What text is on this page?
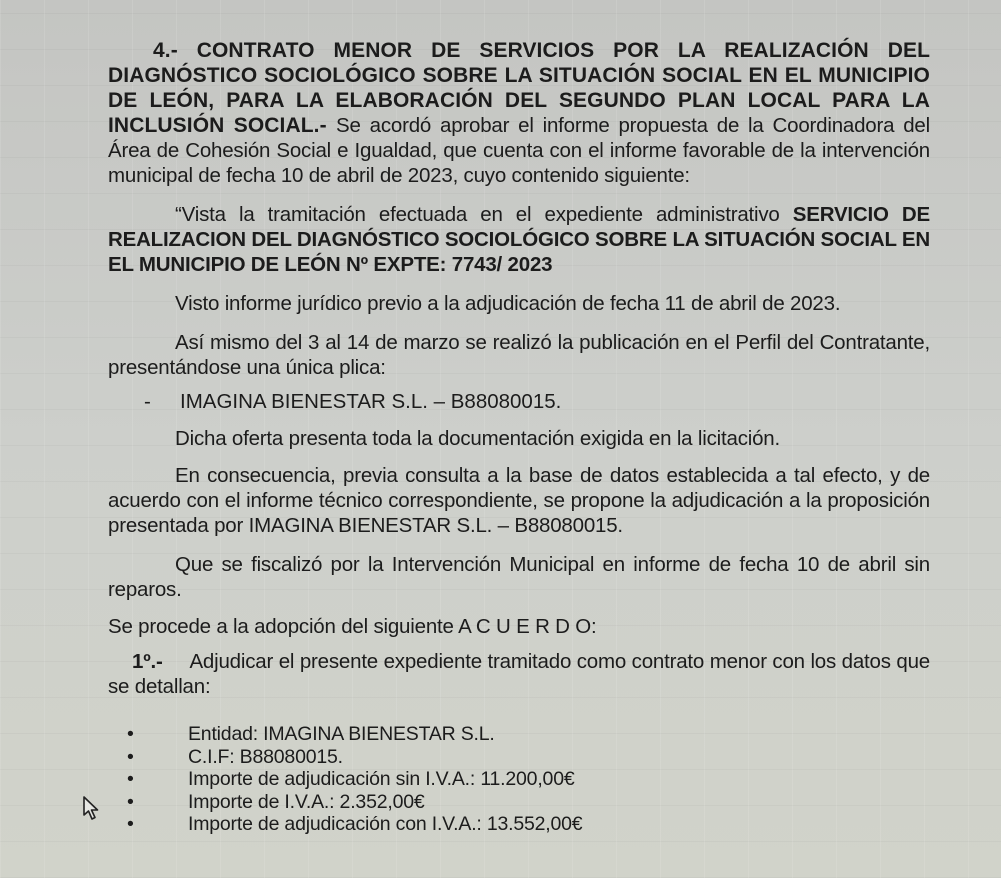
4.- CONTRATO MENOR DE SERVICIOS POR LA REALIZACIÓN DEL DIAGNÓSTICO SOCIOLÓGICO SOBRE LA SITUACIÓN SOCIAL EN EL MUNICIPIO DE LEÓN, PARA LA ELABORACIÓN DEL SEGUNDO PLAN LOCAL PARA LA INCLUSIÓN SOCIAL.- Se acordó aprobar el informe propuesta de la Coordinadora del Área de Cohesión Social e Igualdad, que cuenta con el informe favorable de la intervención municipal de fecha 10 de abril de 2023, cuyo contenido siguiente:

“Vista la tramitación efectuada en el expediente administrativo SERVICIO DE REALIZACION DEL DIAGNÓSTICO SOCIOLÓGICO SOBRE LA SITUACIÓN SOCIAL EN EL MUNICIPIO DE LEÓN Nº EXPTE: 7743/ 2023

Visto informe jurídico previo a la adjudicación de fecha 11 de abril de 2023.

Así mismo del 3 al 14 de marzo se realizó la publicación en el Perfil del Contratante, presentándose una única plica:

- IMAGINA BIENESTAR S.L. – B88080015.

Dicha oferta presenta toda la documentación exigida en la licitación.

En consecuencia, previa consulta a la base de datos establecida a tal efecto, y de acuerdo con el informe técnico correspondiente, se propone la adjudicación a la proposición presentada por IMAGINA BIENESTAR S.L. – B88080015.

Que se fiscalizó por la Intervención Municipal en informe de fecha 10 de abril sin reparos.

Se procede a la adopción del siguiente A C U E R D O:

1º.- Adjudicar el presente expediente tramitado como contrato menor con los datos que se detallan:

•	Entidad: IMAGINA BIENESTAR S.L.
•	C.I.F: B88080015.
•	Importe de adjudicación sin I.V.A.: 11.200,00€
•	Importe de I.V.A.: 2.352,00€
•	Importe de adjudicación con I.V.A.: 13.552,00€
